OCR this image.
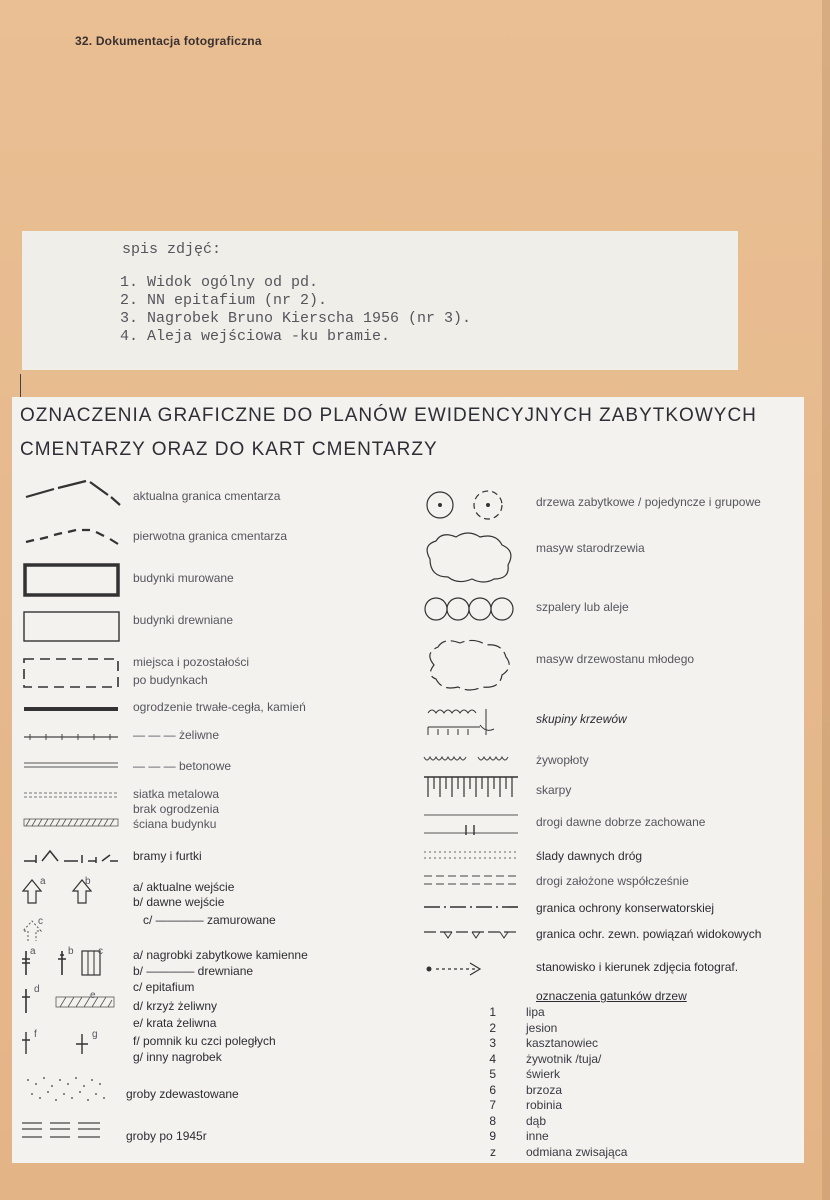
32. Dokumentacja fotograficzna
spis zdjęć:
1. Widok ogólny od pd.
2. NN epitafium (nr 2).
3. Nagrobek Bruno Kierscha 1956 (nr 3).
4. Aleja wejściowa -ku bramie.
OZNACZENIA GRAFICZNE DO PLANÓW EWIDENCYJNYCH ZABYTKOWYCH
CMENTARZY ORAZ DO KART CMENTARZY
aktualna granica cmentarza
pierwotna granica cmentarza
budynki murowane
budynki drewniane
miejsca i pozostałości
po budynkach
ogrodzenie trwałe-cegła, kamień
— — — żeliwne
— — — betonowe
siatka metalowa
brak ogrodzenia
ściana budynku
bramy i furtki
a/ aktualne wejście
b/ dawne wejście
c/ ———— zamurowane
a/ nagrobki zabytkowe kamienne
b/ ———— drewniane
c/ epitafium
d/ krzyż żeliwny
e/ krata żeliwna
f/ pomnik ku czci poległych
g/ inny nagrobek
groby zdewastowane
groby po 1945r
a	b
c
a	b c
d
e
f	g
drzewa zabytkowe / pojedyncze i grupowe
masyw starodrzewia
szpalery lub aleje
masyw drzewostanu młodego
skupiny krzewów
żywopłoty
skarpy
drogi dawne dobrze zachowane
ślady dawnych dróg
drogi założone współcześnie
granica ochrony konserwatorskiej
granica ochr. zewn. powiązań widokowych
stanowisko i kierunek zdjęcia fotograf.
oznaczenia gatunków drzew
1	lipa
2	jesion
3	kasztanowiec
4	żywotnik /tuja/
5	świerk
6	brzoza
7	robinia
8	dąb
9	inne
z	odmiana zwisająca
